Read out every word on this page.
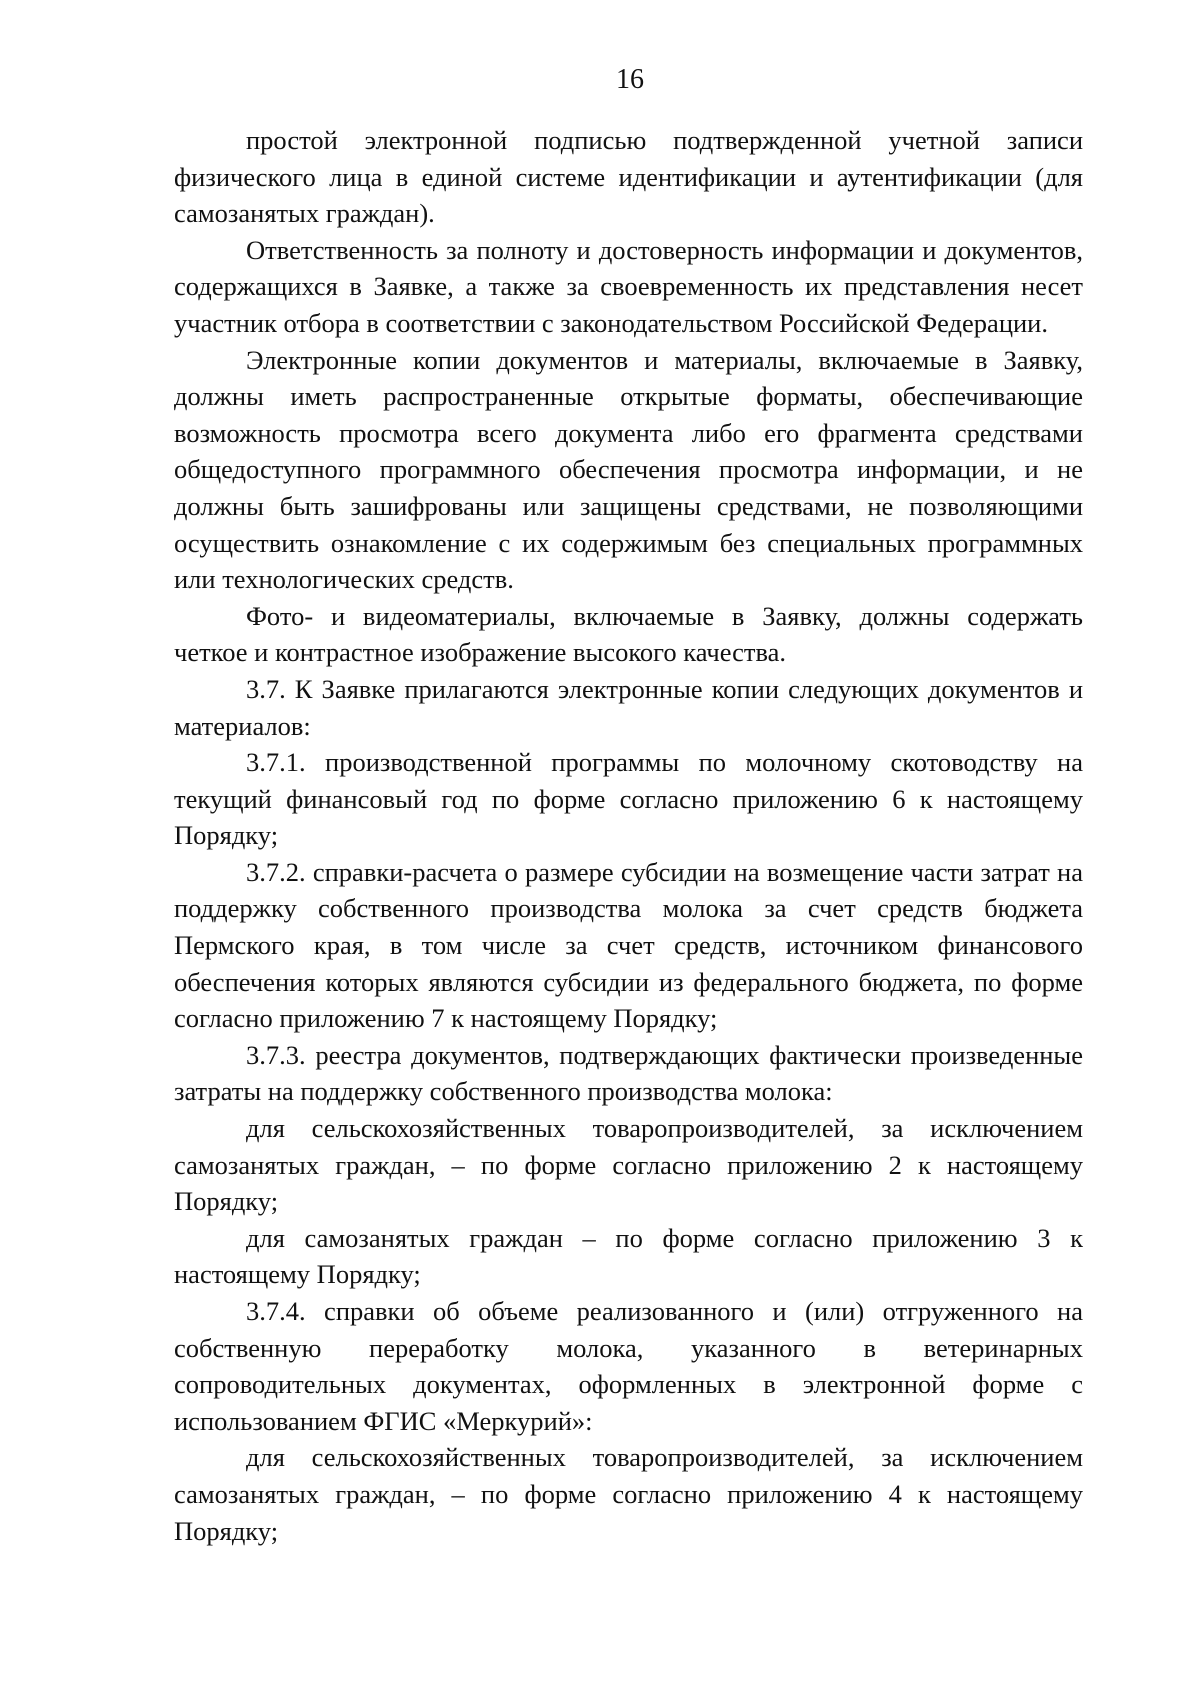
16

простой электронной подписью подтвержденной учетной записи физического лица в единой системе идентификации и аутентификации (для самозанятых граждан).

Ответственность за полноту и достоверность информации и документов, содержащихся в Заявке, а также за своевременность их представления несет участник отбора в соответствии с законодательством Российской Федерации.

Электронные копии документов и материалы, включаемые в Заявку, должны иметь распространенные открытые форматы, обеспечивающие возможность просмотра всего документа либо его фрагмента средствами общедоступного программного обеспечения просмотра информации, и не должны быть зашифрованы или защищены средствами, не позволяющими осуществить ознакомление с их содержимым без специальных программных или технологических средств.

Фото- и видеоматериалы, включаемые в Заявку, должны содержать четкое и контрастное изображение высокого качества.

3.7. К Заявке прилагаются электронные копии следующих документов и материалов:

3.7.1. производственной программы по молочному скотоводству на текущий финансовый год по форме согласно приложению 6 к настоящему Порядку;

3.7.2. справки-расчета о размере субсидии на возмещение части затрат на поддержку собственного производства молока за счет средств бюджета Пермского края, в том числе за счет средств, источником финансового обеспечения которых являются субсидии из федерального бюджета, по форме согласно приложению 7 к настоящему Порядку;

3.7.3. реестра документов, подтверждающих фактически произведенные затраты на поддержку собственного производства молока:

для сельскохозяйственных товаропроизводителей, за исключением самозанятых граждан, – по форме согласно приложению 2 к настоящему Порядку;

для самозанятых граждан – по форме согласно приложению 3 к настоящему Порядку;

3.7.4. справки об объеме реализованного и (или) отгруженного на собственную переработку молока, указанного в ветеринарных сопроводительных документах, оформленных в электронной форме с использованием ФГИС «Меркурий»:

для сельскохозяйственных товаропроизводителей, за исключением самозанятых граждан, – по форме согласно приложению 4 к настоящему Порядку;
